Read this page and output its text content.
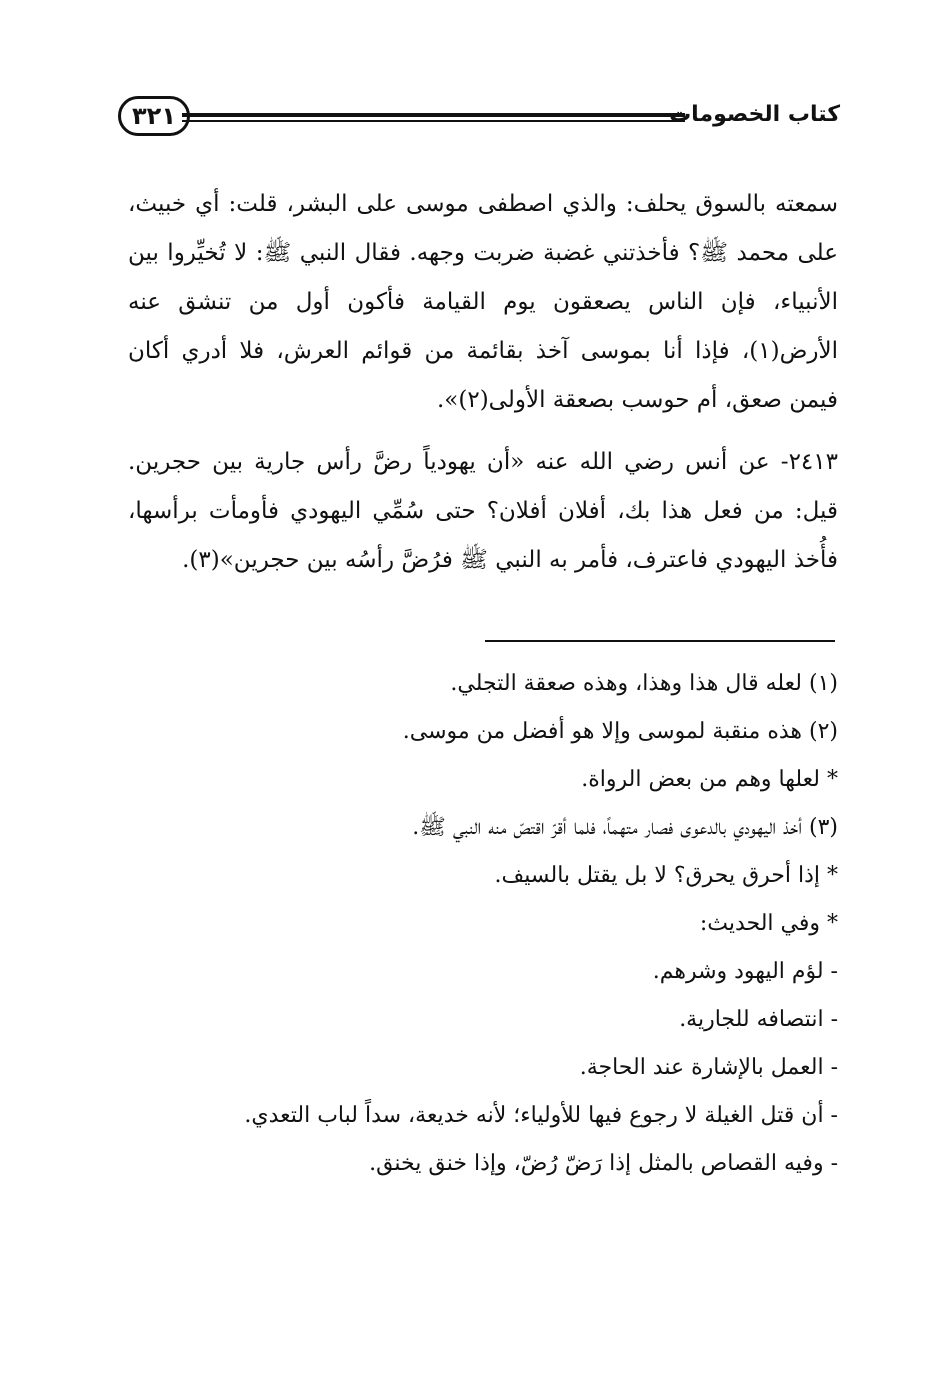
٣٢١	كتاب الخصومات

سمعته بالسوق يحلف: والذي اصطفى موسى على البشر، قلت: أي خبيث، على محمد ﷺ؟ فأخذتني غضبة ضربت وجهه. فقال النبي ﷺ: لا تُخيِّروا بين الأنبياء، فإن الناس يصعقون يوم القيامة فأكون أول من تنشق عنه الأرض(١)، فإذا أنا بموسى آخذ بقائمة من قوائم العرش، فلا أدري أكان فيمن صعق، أم حوسب بصعقة الأولى(٢)».

٢٤١٣- عن أنس رضي الله عنه «أن يهودياً رضَّ رأس جارية بين حجرين. قيل: من فعل هذا بك، أفلان أفلان؟ حتى سُمِّي اليهودي فأومأت برأسها، فأُخذ اليهودي فاعترف، فأمر به النبي ﷺ فرُضَّ رأسُه بين حجرين»(٣).

(١) لعله قال هذا وهذا، وهذه صعقة التجلي.
(٢) هذه منقبة لموسى وإلا هو أفضل من موسى.
* لعلها وهم من بعض الرواة.
(٣) أخذ اليهودي بالدعوى فصار متهماً، فلما أقرّ اقتصّ منه النبي ﷺ.
* إذا أحرق يحرق؟ لا بل يقتل بالسيف.
* وفي الحديث:
- لؤم اليهود وشرهم.
- انتصافه للجارية.
- العمل بالإشارة عند الحاجة.
- أن قتل الغيلة لا رجوع فيها للأولياء؛ لأنه خديعة، سداً لباب التعدي.
- وفيه القصاص بالمثل إذا رَضّ رُضّ، وإذا خنق يخنق.
